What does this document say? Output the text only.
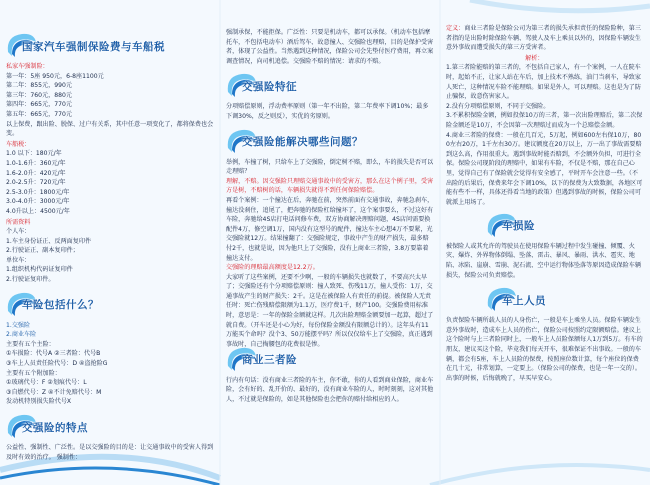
国家汽车强制保险费与车船税
私家车强制险：
第一年：5座 950元，6-8座1100元
第二年：855元，990元
第三年：760元，880元
第四年：665元，770元
第五年：665元，770元
以上保费，跟出险、脱保、过户有关系，其中任意一项变化了，都将保费也会变。
车船税：
1.0 以下：180元/年
1.0-1.6升：360元/年
1.6-2.0升：420元/年
2.0-2.5升：720元/年
2.5-3.0升：1800元/年
3.0-4.0升：3000元/年
4.0升以上：4500元/年
所需资料
个人车：
1.车主身份证正、反两面复印件
2.行驶证正、副本复印件；
单位车：
1.组织机构代码证复印件
2.行驶证复印件。
车险包括什么？
1.交强险
2.商业车险
主要有五个主险：
①车损险：代号A ②三者险：代号B
③车上人员责任险代号：D ④盗抢险G
主要有五个附加险：
①玻璃代号：F ②划痕代号：L
③自燃代号：Z ④不计免赔代号：M
发动机特别损失险代号X
交强险的特点
公益性、强制性、广泛性。是以交强险的目的是：让交通事故中的受害人得到及时有效的治疗。 强制性：
强制承保，不能拒保。广泛性：只要是机动车，都可以承保。（机动车包括摩托车，不包括电动车）酒后驾车、故意撞人、交强险也理赔，目的是保护受害者，体现了公益性。当然遇到这种情况，保险公司会先垫付医疗费用，再立案调查情况，向司机追偿。交强险不赔的情况：请求的不赔。
交强险特征
分项赔偿原则，浮动费率原则（第一年不出险，第二年费率下调10%；最多下调30%，反之则反），实优的劣原则。
交强险能解决哪些问题？
举例，车撞了树，只给车上了交强险，倒定树不赔，即么，车的损失是否可以走理赔？
理解，不赔。因交强险只理赔交通事故中的受害方，那么在这个例子里，受害方是树，不赔树的话，车辆损失就得不到任何保险赔偿。
再看个案例：一个撞达在后，奔驰在前，突然前面有交通事故，奔驰急刹车，撞达没刹住，追尾了，把奔驰的保险杠给撞坏了，这个案事要么，不过这好有车险，奔驰给4S店打电话问修车费，双方协商解决理赔问题，4S店问需要换配件4万，修空调1万，国内没有这型号的配件，撞达车主心想4万不要紧，光交强险就12万。结果撞翻了：交强险规定，事故中产生的财产损失，最多赔付2千，也就是说，因为他只上了交强险，没有上商业三者险，3.8万要靠着撞达支付。
交强险的理赔最高额度是12.2万。
大家听了这些案例，还要不少啊，一般的车辆损失也就数了，不要高兴太早了；交强险还有个分项赔偿原则：撞人致死、伤残11万，撞人受伤：1万，交通事故产生的财产损失：2千。这是在被保险人有责任的前提。被保险人无责任时：死亡伤残赔偿限额为1.1万，医疗费1千，财产100。交强险费用标准时，意思是：一年的保险金额就这样。几次出险理赔金额要加一起算，超过了就自费。（开车还是小心为好，每份保险金额没有限额总计的）。这年头有11万能买个命吗？没个3、50万能摆平吗？所以仅仅给车上了交强险，真正遇到事故时，自己掏腰包的花费很是惨。
商业三者险
行内有句话：没有商业三者险的车主，你不敢，你的人看到商业保险，商业车险，会有好的、乱开价的、最好的，没有商业车险的人，时时刻刻，这对其他人，不过就是保险的，如是其他保险也会把你的赔付给相应的人。
定义：商业三者险是保险公司为第三者的损失承担责任的保险险种，第三者指的是出险时除保险车辆、驾驶人及车上乘员以外的，因保险车辆发生意外事故而遭受损失的第三方受害者。
解析：
1.第三者险能赔的第三者的，不包括自己家人，有一个案例，一人在院车时，起始不正，让家人站在车后，加上技术不熟练，油门当刹车，导致家人死亡，这种情况车险不能理赔。如果是外人，可以理赔。这也是为了防止骗保，故意伤害家人。
2.没有分项赔偿原则，不同于交强险。
3.不累积保险金额，例如投保10万的三者，第一次出险理赔后，第二次保险金额还是10万，不会因第一次理赔过而成为一个总赔偿金额。
4.商业三者险的保费：一般在几百元，5万起，例如600左右保10万，800左右20万，1千左右30万。建议额度在20万以上，万一出了事故需要赔到这么高，作用很重大。遇到事故时能否赔到，不会额外负担，可进行全保。保险公司现阶段的理赔中，如果有车险，不仅是不赔，那在自己心里，觉得自己有了保险就会觉得有安全感了，平时开车会注意一些。（不出险的后果后，保费来年会下调10%，以下的保费为大致数据，各地区可能有些不一样，具体还得看当地的政策）但遇到事故的时候，保险公司可就派上用场了。
车损险
被保险人或其允许的驾驶员在使用保险车辆过程中发生碰撞、倾覆、火灾、爆炸、外界物体倒塌、坠落、雷击、暴风、暴雨、洪水、雹灾、地陷、冰陷、崖崩、雪崩、泥石流、空中运行物体坠落等原因造成保险车辆损失，保险公司负责赔偿。
车上人员
负责保险车辆所载人员的人身伤亡，一般是车上乘坐人员。保险车辆发生意外事故时，造成车上人员的伤亡，保险公司按照约定限额赔偿。建议上这个险时与上三者险同时上，一般车上人员险保额每人1万到5万。有车的朋友，建议买这个险，毕竟我们每天开车，很难保证不出事故。一般的车辆，都会有5座，车上人员险的保费，按照座位数计算，每个座位的保费在几十元，非常划算，一定要上。（保险公司的保费，也是一年一交的）。出事的时候，后悔就晚了，早买早安心。
